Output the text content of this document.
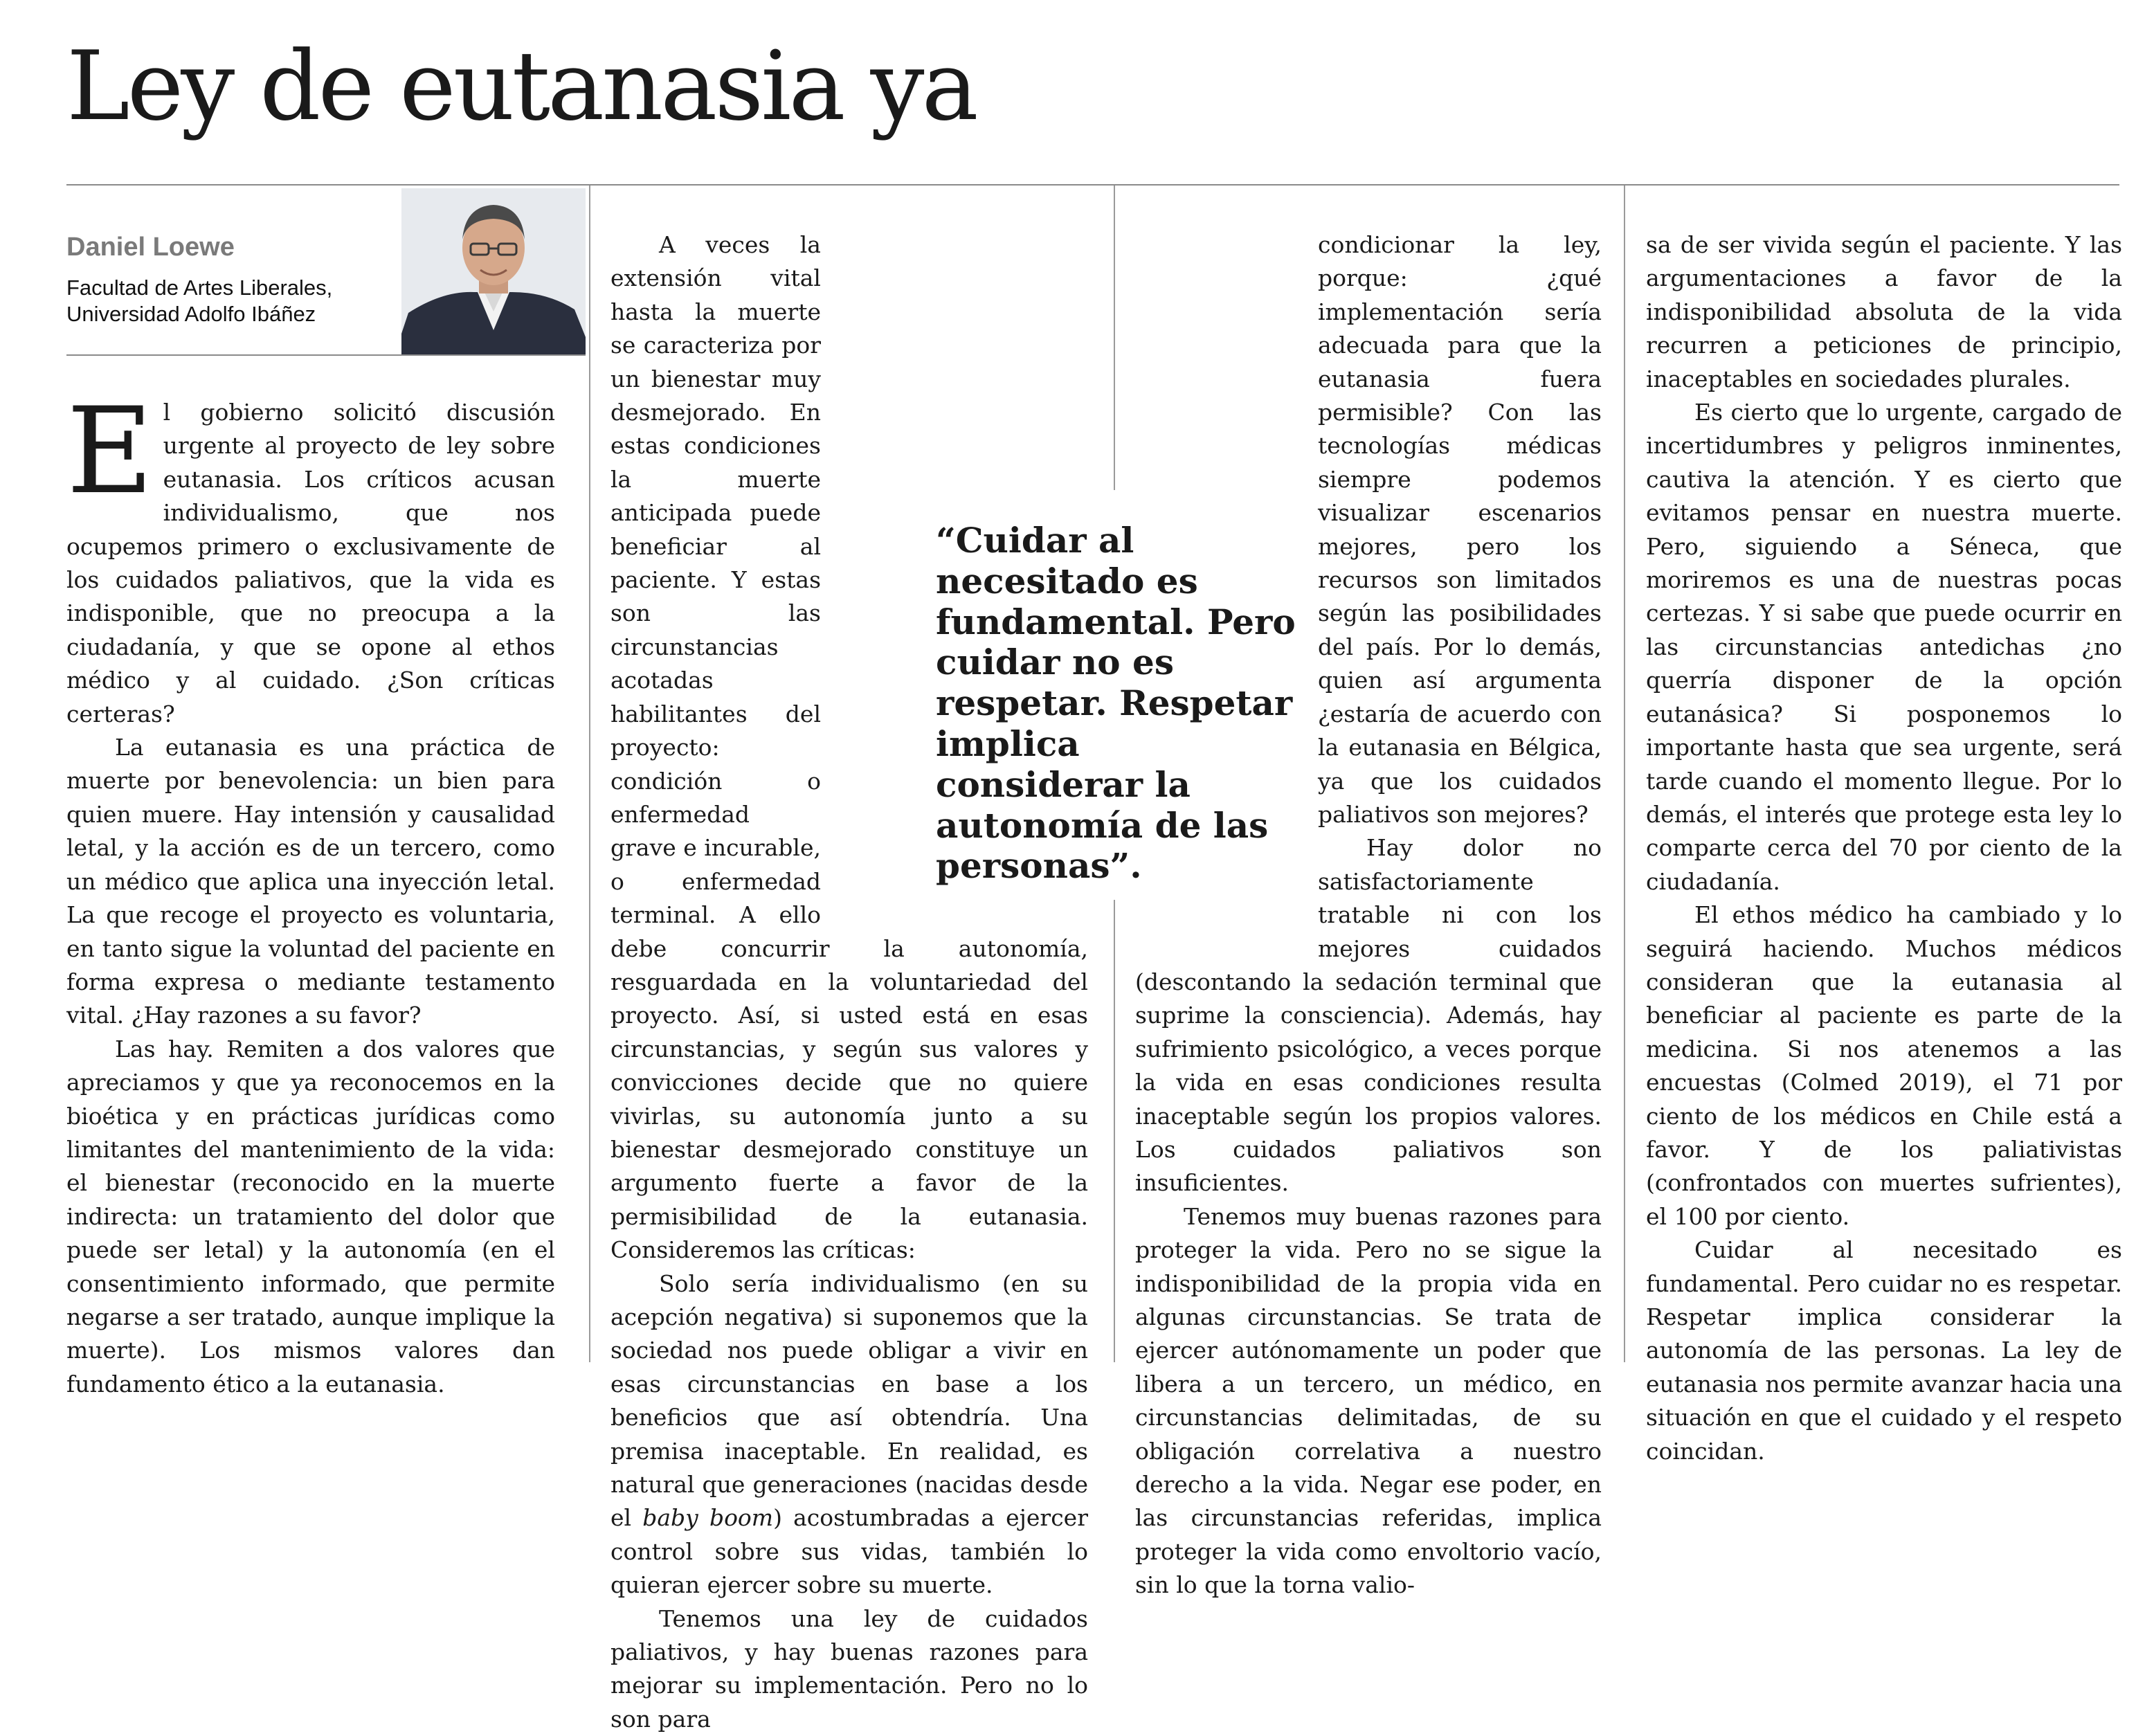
Ley de eutanasia ya
Daniel Loewe
Facultad de Artes Liberales,
Universidad Adolfo Ibáñez

El gobierno solicitó discusión urgente al proyecto de ley sobre eutanasia. Los críticos acusan individualismo, que nos ocupemos primero o exclusivamente de los cuidados paliativos, que la vida es indisponible, que no preocupa a la ciudadanía, y que se opone al ethos médico y al cuidado. ¿Son críticas certeras?

La eutanasia es una práctica de muerte por benevolencia: un bien para quien muere. Hay intensión y causalidad letal, y la acción es de un tercero, como un médico que aplica una inyección letal. La que recoge el proyecto es voluntaria, en tanto sigue la voluntad del paciente en forma expresa o mediante testamento vital. ¿Hay razones a su favor?

Las hay. Remiten a dos valores que apreciamos y que ya reconocemos en la bioética y en prácticas jurídicas como limitantes del mantenimiento de la vida: el bienestar (reconocido en la muerte indirecta: un tratamiento del dolor que puede ser letal) y la autonomía (en el consentimiento informado, que permite negarse a ser tratado, aunque implique la muerte). Los mismos valores dan fundamento ético a la eutanasia.

A veces la extensión vital hasta la muerte se caracteriza por un bienestar muy desmejorado. En estas condiciones la muerte anticipada puede beneficiar al paciente. Y estas son las circunstancias acotadas habilitantes del proyecto: condición o enfermedad grave e incurable, o enfermedad terminal. A ello debe concurrir la autonomía, resguardada en la voluntariedad del proyecto. Así, si usted está en esas circunstancias, y según sus valores y convicciones decide que no quiere vivirlas, su autonomía junto a su bienestar desmejorado constituye un argumento fuerte a favor de la permisibilidad de la eutanasia. Consideremos las críticas:

Solo sería individualismo (en su acepción negativa) si suponemos que la sociedad nos puede obligar a vivir en esas circunstancias en base a los beneficios que así obtendría. Una premisa inaceptable. En realidad, es natural que generaciones (nacidas desde el baby boom) acostumbradas a ejercer control sobre sus vidas, también lo quieran ejercer sobre su muerte.

Tenemos una ley de cuidados paliativos, y hay buenas razones para mejorar su implementación. Pero no lo son para

condicionar la ley, porque: ¿qué implementación sería adecuada para que la eutanasia fuera permisible? Con las tecnologías médicas siempre podemos visualizar escenarios mejores, pero los recursos son limitados según las posibilidades del país. Por lo demás, quien así argumenta ¿estaría de acuerdo con la eutanasia en Bélgica, ya que los cuidados paliativos son mejores?

Hay dolor no satisfactoriamente tratable ni con los mejores cuidados (descontando la sedación terminal que suprime la consciencia). Además, hay sufrimiento psicológico, a veces porque la vida en esas condiciones resulta inaceptable según los propios valores. Los cuidados paliativos son insuficientes.

Tenemos muy buenas razones para proteger la vida. Pero no se sigue la indisponibilidad de la propia vida en algunas circunstancias. Se trata de ejercer autónomamente un poder que libera a un tercero, un médico, en circunstancias delimitadas, de su obligación correlativa a nuestro derecho a la vida. Negar ese poder, en las circunstancias referidas, implica proteger la vida como envoltorio vacío, sin lo que la torna valio-

sa de ser vivida según el paciente. Y las argumentaciones a favor de la indisponibilidad absoluta de la vida recurren a peticiones de principio, inaceptables en sociedades plurales.

Es cierto que lo urgente, cargado de incertidumbres y peligros inminentes, cautiva la atención. Y es cierto que evitamos pensar en nuestra muerte. Pero, siguiendo a Séneca, que moriremos es una de nuestras pocas certezas. Y si sabe que puede ocurrir en las circunstancias antedichas ¿no querría disponer de la opción eutanásica? Si posponemos lo importante hasta que sea urgente, será tarde cuando el momento llegue. Por lo demás, el interés que protege esta ley lo comparte cerca del 70 por ciento de la ciudadanía.

El ethos médico ha cambiado y lo seguirá haciendo. Muchos médicos consideran que la eutanasia al beneficiar al paciente es parte de la medicina. Si nos atenemos a las encuestas (Colmed 2019), el 71 por ciento de los médicos en Chile está a favor. Y de los paliativistas (confrontados con muertes sufrientes), el 100 por ciento.

Cuidar al necesitado es fundamental. Pero cuidar no es respetar. Respetar implica considerar la autonomía de las personas. La ley de eutanasia nos permite avanzar hacia una situación en que el cuidado y el respeto coincidan.

“Cuidar al necesitado es fundamental. Pero cuidar no es respetar. Respetar implica considerar la autonomía de las personas”.
